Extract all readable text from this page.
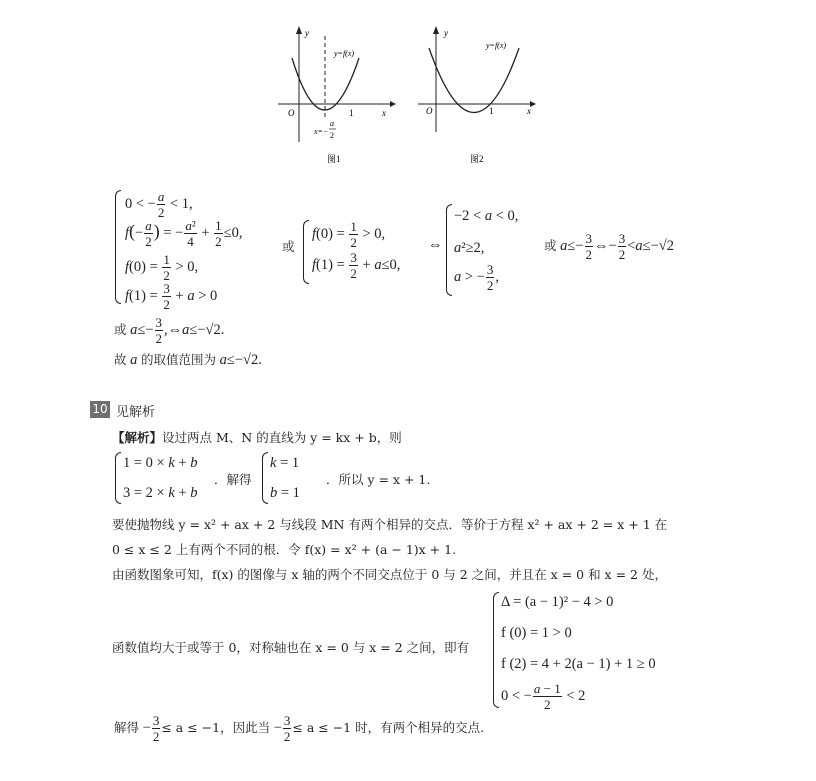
y
y=f(x)
O	1	x
x=−
a
2
图1
y
y=f(x)
O	1	x
图2
0 < − $\frac{a}{2} < 1$,
$f(- \frac{a}{2}$ ) = − $\frac{\text{a²}}{4} + \frac{1}{2} \le 0$,
$f(0) = \frac{1}{2} > 0$,
$f(1) = \frac{3}{2} + a > 0$
或
$f(0) = \frac{1}{2} > 0$,
$f(1) = \frac{3}{2} + a\le 0$,
⇔
−2 < a < 0,
a²≥2,
a > − $\frac{3}{2}$ ,
或 $a\le- \frac{3}{2}$ ⇔− $\frac{3}{2} <a\le-√2$
或 $a\le- \frac{3}{2}$ ,⇔a≤−√2.
故 a 的取值范围为 a≤−√2.
10 见解析
【解析】设过两点 M、N 的直线为 y = kx + b，则
1 = 0 × k + b
3 = 2 × k + b
．解得
k = 1
b = 1
．所以 y = x + 1.
要使抛物线 y = x² + ax + 2 与线段 MN 有两个相异的交点．等价于方程 x² + ax + 2 = x + 1 在
0 ≤ x ≤ 2 上有两个不同的根．令 f(x) = x² + (a − 1)x + 1.
由函数图象可知，f(x) 的图像与 x 轴的两个不同交点位于 0 与 2 之间，并且在 x = 0 和 x = 2 处，
函数值均大于或等于 0，对称轴也在 x = 0 与 x = 2 之间，即有
Δ = (a − 1)² − 4 > 0
f (0) = 1 > 0
f (2) = 4 + 2(a − 1) + 1 ≥ 0
0 < − $\frac{a - 1}{2} < 2$
解得 − $\frac{3}{2} \le a \le -1$，因此当 − $\frac{3}{2} \le a \le -1$ 时，有两个相异的交点.
